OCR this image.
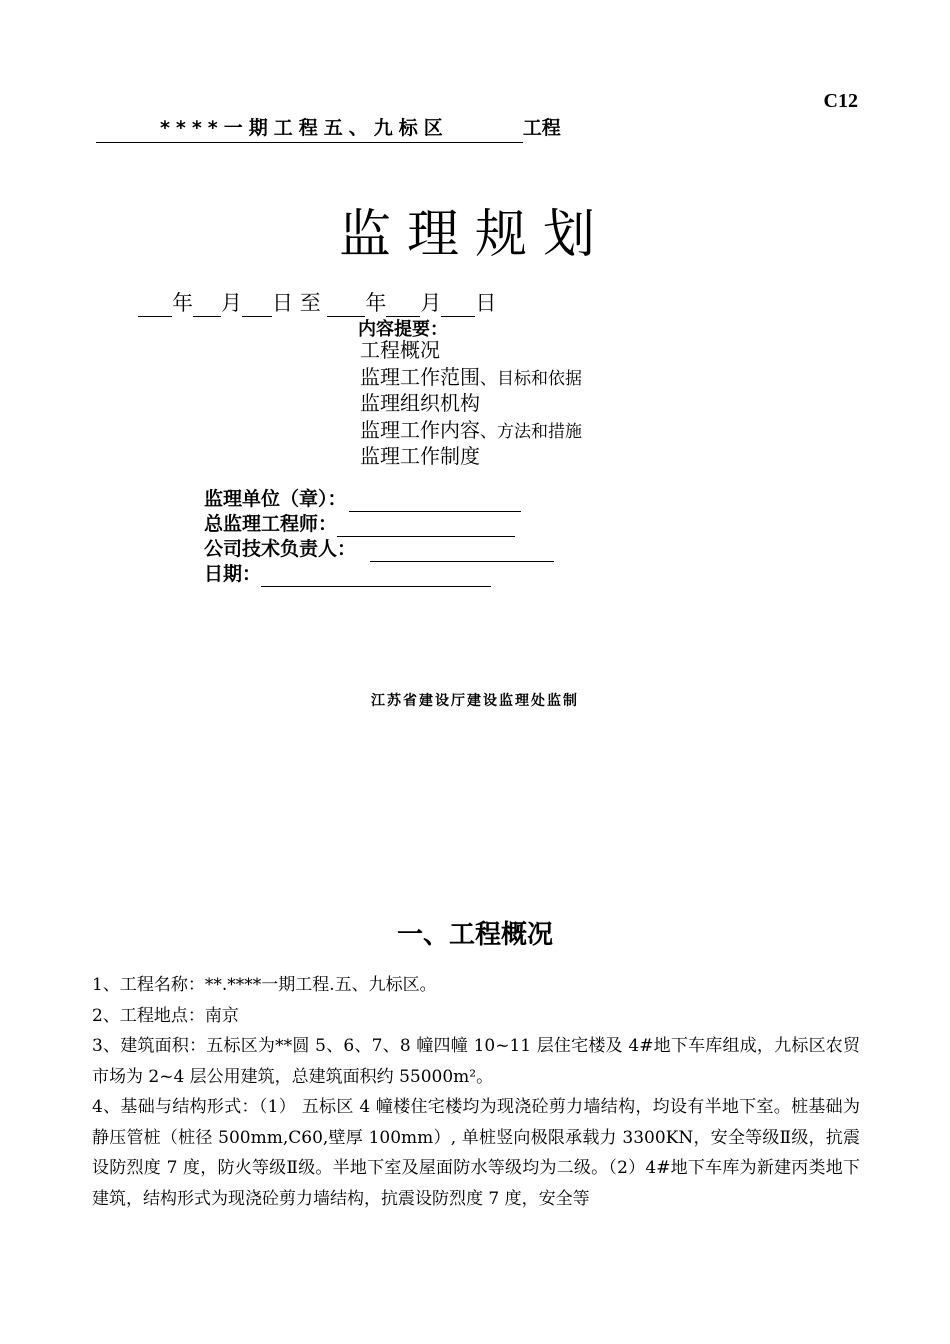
C12
****一期工程五、九标区	工程
监理规划
年 月 日 至 年 月 日
内容提要：
工程概况
监理工作范围、目标和依据
监理组织机构
监理工作内容、方法和措施
监理工作制度
监理单位（章）：
总监理工程师：
公司技术负责人：
日期：
江苏省建设厅建设监理处监制
一、工程概况

1、工程名称：**.****一期工程.五、九标区。

2、工程地点：南京

3、建筑面积：五标区为**圆 5、6、7、8 幢四幢 10~11 层住宅楼及 4#地下车库组成，九标区农贸市场为 2~4 层公用建筑，总建筑面积约 55000m²。

4、基础与结构形式：（1） 五标区 4 幢楼住宅楼均为现浇砼剪力墙结构，均设有半地下室。桩基础为静压管桩（桩径 500mm,C60,壁厚 100mm）, 单桩竖向极限承载力 3300KN，安全等级Ⅱ级，抗震设防烈度 7 度，防火等级Ⅱ级。半地下室及屋面防水等级均为二级。（2）4#地下车库为新建丙类地下建筑，结构形式为现浇砼剪力墙结构，抗震设防烈度 7 度，安全等
